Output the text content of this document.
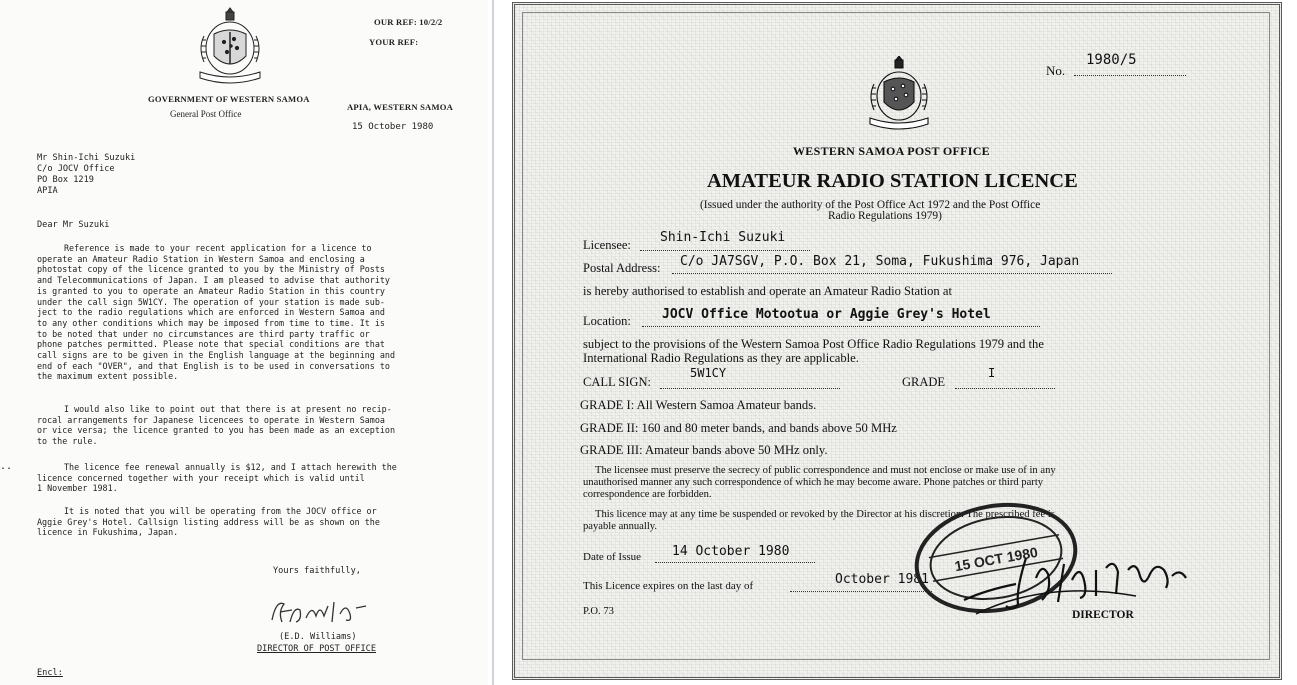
OUR REF: 10/2/2
YOUR REF:
GOVERNMENT OF WESTERN SAMOA
General Post Office
APIA, WESTERN SAMOA
15 October 1980
Mr Shin-Ichi Suzuki
C/o JOCV Office
PO Box 1219
APIA
Dear Mr Suzuki
Reference is made to your recent application for a licence to
operate an Amateur Radio Station in Western Samoa and enclosing a
photostat copy of the licence granted to you by the Ministry of Posts
and Telecommunications of Japan. I am pleased to advise that authority
is granted to you to operate an Amateur Radio Station in this country
under the call sign 5W1CY. The operation of your station is made sub-
ject to the radio regulations which are enforced in Western Samoa and
to any other conditions which may be imposed from time to time. It is
to be noted that under no circumstances are third party traffic or
phone patches permitted. Please note that special conditions are that
call signs are to be given in the English language at the beginning and
end of each "OVER", and that English is to be used in conversations to
the maximum extent possible.
I would also like to point out that there is at present no recip-
rocal arrangements for Japanese licencees to operate in Western Samoa
or vice versa; the licence granted to you has been made as an exception
to the rule.
..	The licence fee renewal annually is $12, and I attach herewith the
licence concerned together with your receipt which is valid until
1 November 1981.
It is noted that you will be operating from the JOCV office or
Aggie Grey's Hotel. Callsign listing address will be as shown on the
licence in Fukushima, Japan.
Yours faithfully,
(E.D. Williams)
DIRECTOR OF POST OFFICE
Encl:
No.
1980/5
WESTERN SAMOA POST OFFICE
AMATEUR RADIO STATION LICENCE
(Issued under the authority of the Post Office Act 1972 and the Post Office
Radio Regulations 1979)
Licensee: Shin-Ichi Suzuki
Postal Address: C/o JA7SGV, P.O. Box 21, Soma, Fukushima 976, Japan
is hereby authorised to establish and operate an Amateur Radio Station at
Location: JOCV Office Motootua or Aggie Grey's Hotel
subject to the provisions of the Western Samoa Post Office Radio Regulations 1979 and the
International Radio Regulations as they are applicable.
CALL SIGN:
5W1CY
GRADE
I
GRADE I: All Western Samoa Amateur bands.
GRADE II: 160 and 80 meter bands, and bands above 50 MHz
GRADE III: Amateur bands above 50 MHz only.
The licensee must preserve the secrecy of public correspondence and must not enclose or make use of in any
unauthorised manner any such correspondence of which he may become aware. Phone patches or third party
correspondence are forbidden.
This licence may at any time be suspended or revoked by the Director at his discretion. The prescribed fee is
payable annually.
Date of Issue 14 October 1980
This Licence expires on the last day of	October 1981
P.O. 73	DIRECTOR
15 OCT 1980
